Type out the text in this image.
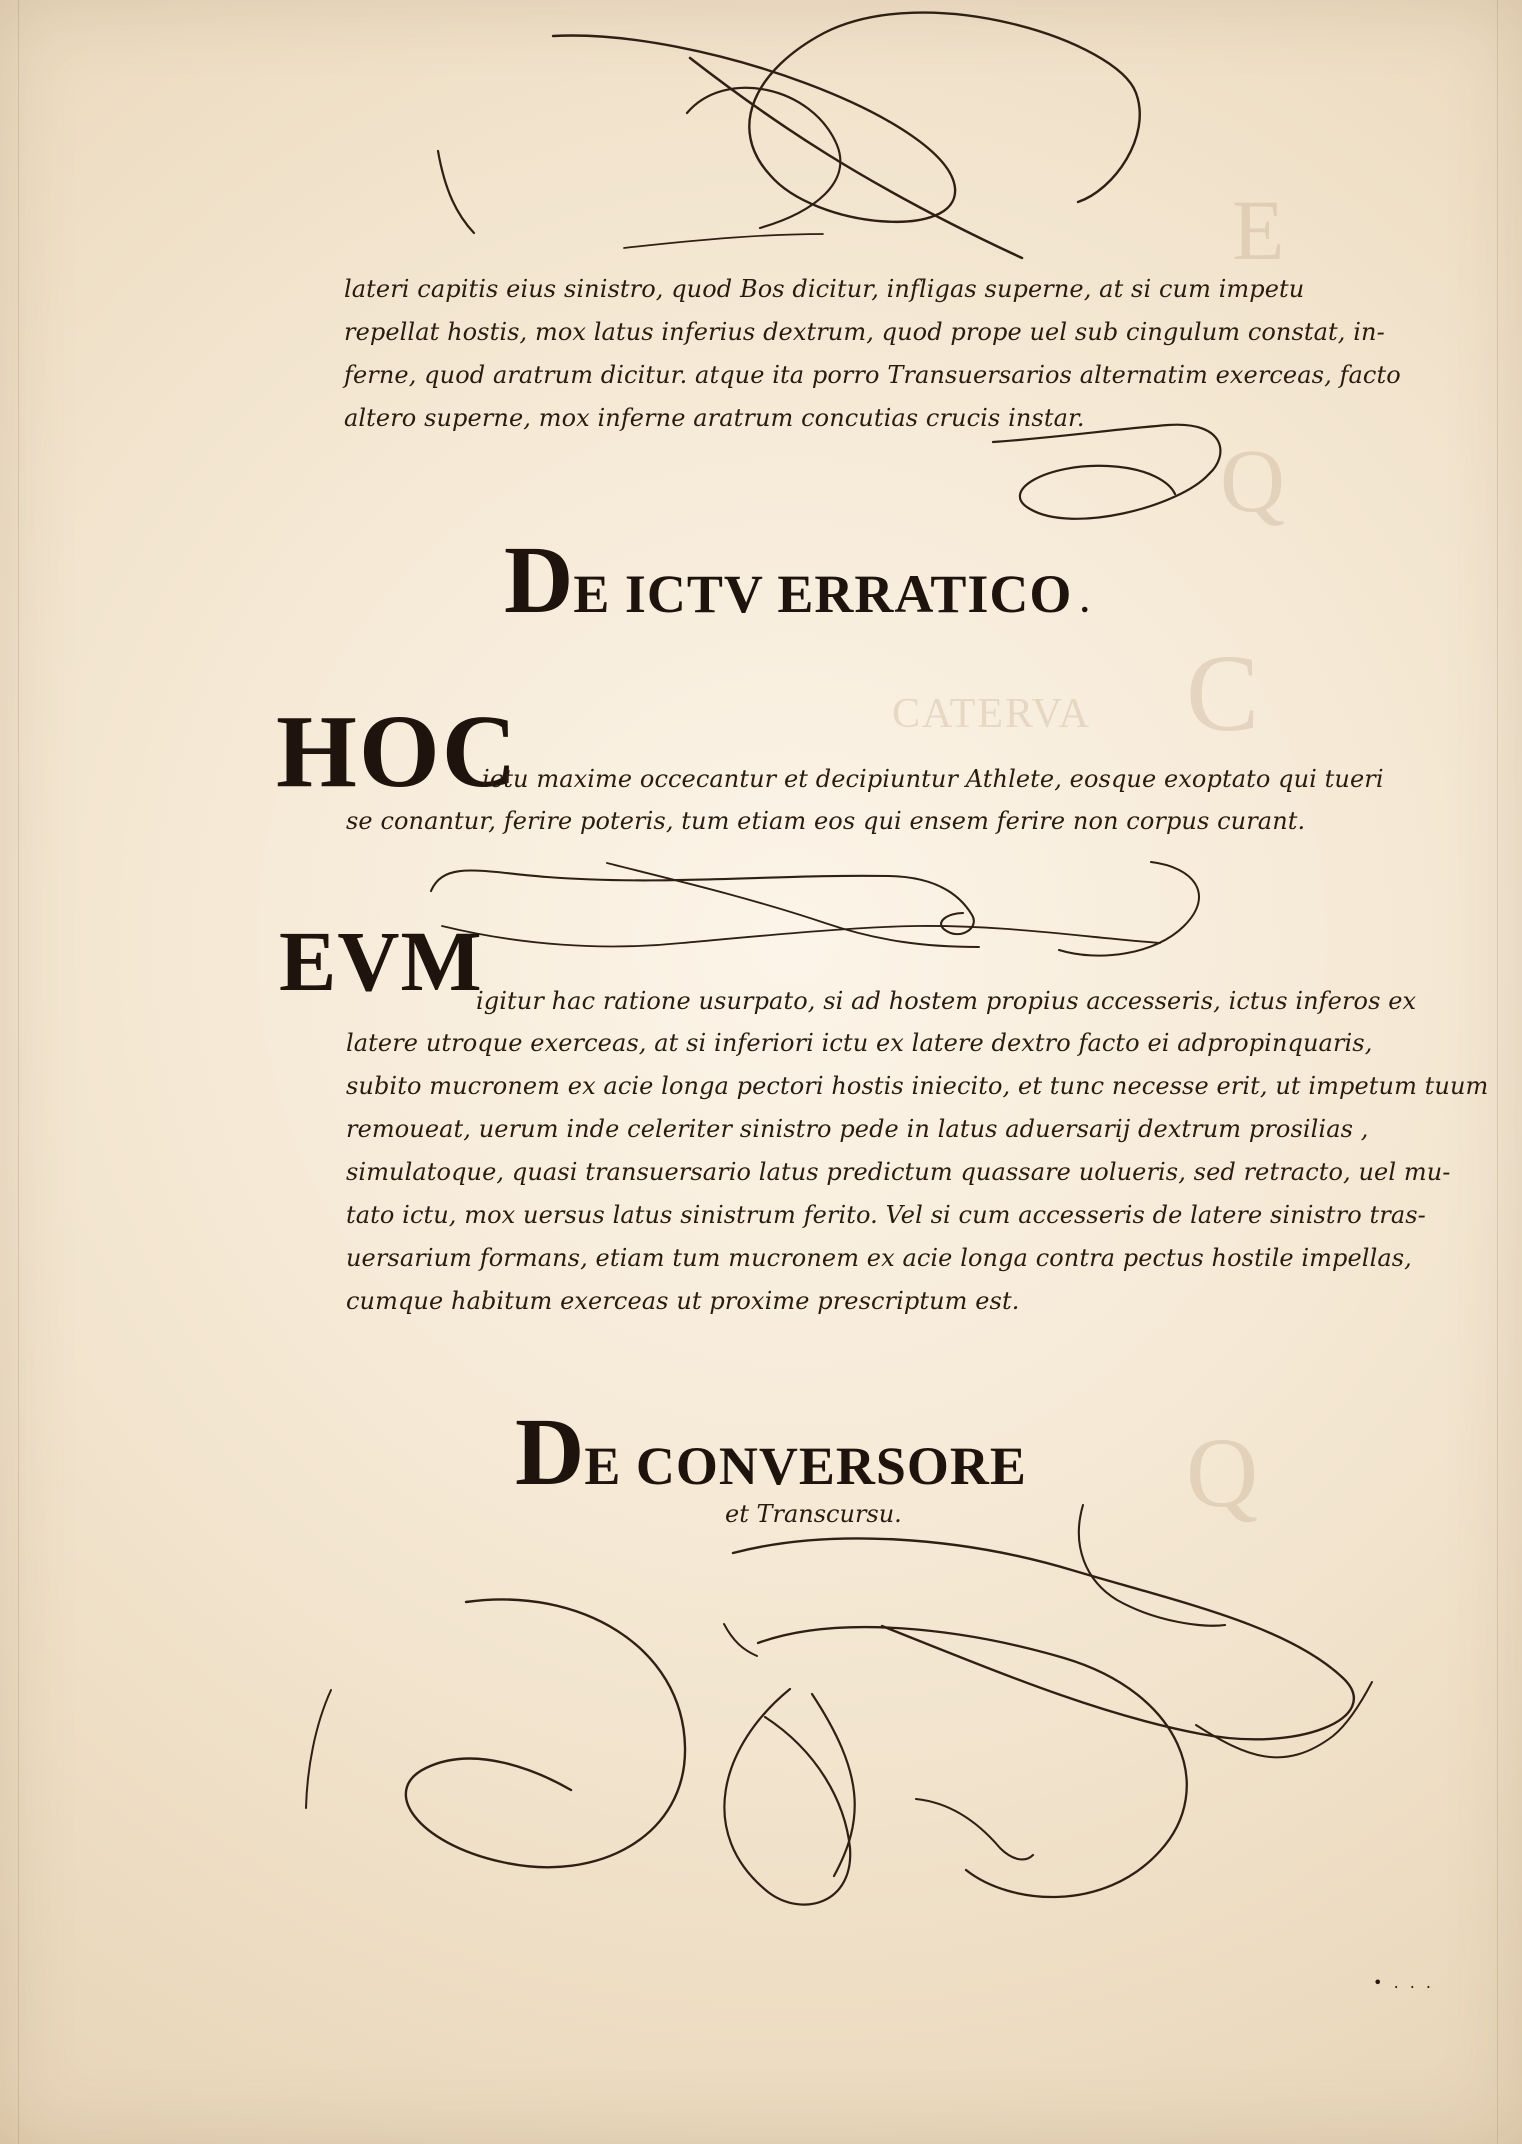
E
Q
C
CATERVA
Q
lateri capitis eius sinistro, quod Bos dicitur, infligas superne, at si cum impetu
repellat hostis, mox latus inferius dextrum, quod prope uel sub cingulum constat, in-
ferne, quod aratrum dicitur. atque ita porro Transuersarios alternatim exerceas, facto
altero superne, mox inferne aratrum concutias crucis instar.
DE ICTV ERRATICO .
HOC
ictu maxime occecantur et decipiuntur Athlete, eosque exoptato qui tueri
se conantur, ferire poteris, tum etiam eos qui ensem ferire non corpus curant.
EVM
igitur hac ratione usurpato, si ad hostem propius accesseris, ictus inferos ex
latere utroque exerceas, at si inferiori ictu ex latere dextro facto ei adpropinquaris,
subito mucronem ex acie longa pectori hostis iniecito, et tunc necesse erit, ut impetum tuum
remoueat, uerum inde celeriter sinistro pede in latus aduersarij dextrum prosilias ,
simulatoque, quasi transuersario latus predictum quassare uolueris, sed retracto, uel mu-
tato ictu, mox uersus latus sinistrum ferito. Vel si cum accesseris de latere sinistro tras-
uersarium formans, etiam tum mucronem ex acie longa contra pectus hostile impellas,
cumque habitum exerceas ut proxime prescriptum est.
DE CONVERSORE
et Transcursu.
• . . .
